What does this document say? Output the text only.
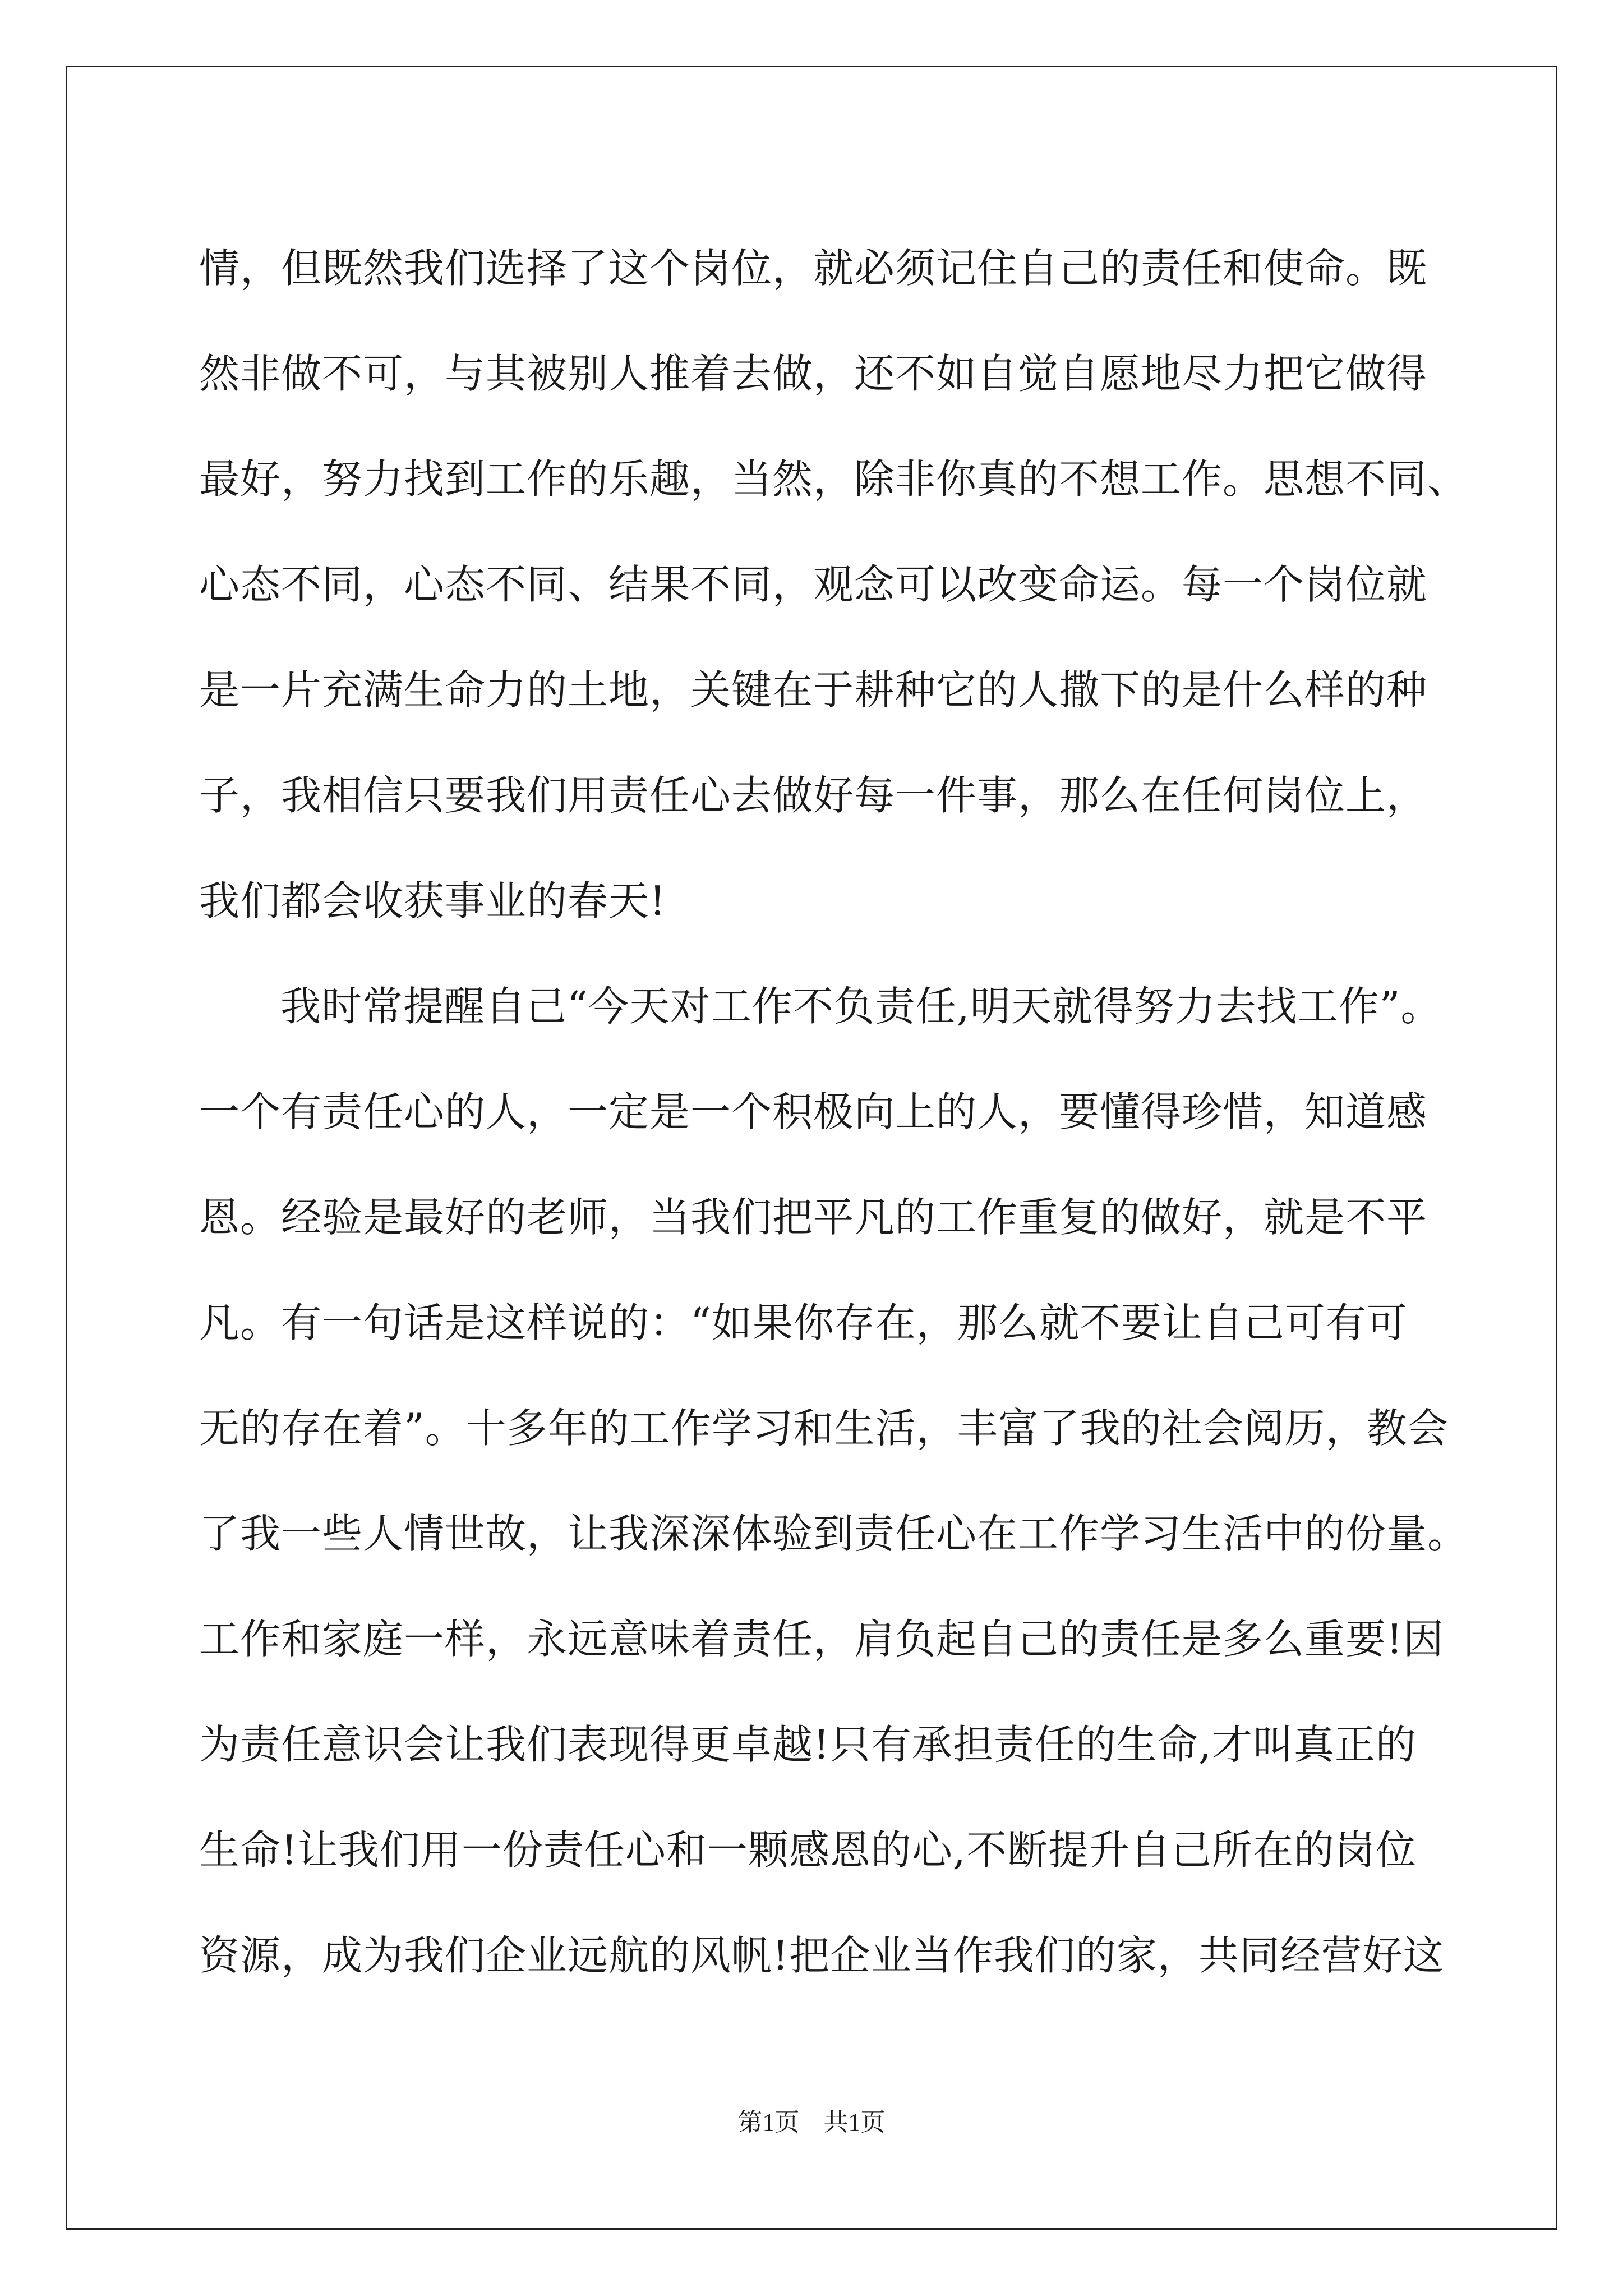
情，但既然我们选择了这个岗位，就必须记住自己的责任和使命。既
然非做不可，与其被别人推着去做，还不如自觉自愿地尽力把它做得
最好，努力找到工作的乐趣，当然，除非你真的不想工作。思想不同、
心态不同，心态不同、结果不同，观念可以改变命运。每一个岗位就
是一片充满生命力的土地，关键在于耕种它的人撒下的是什么样的种
子，我相信只要我们用责任心去做好每一件事，那么在任何岗位上，
我们都会收获事业的春天!
我时常提醒自己“今天对工作不负责任,明天就得努力去找工作”。
一个有责任心的人，一定是一个积极向上的人，要懂得珍惜，知道感
恩。经验是最好的老师，当我们把平凡的工作重复的做好，就是不平
凡。有一句话是这样说的：“如果你存在，那么就不要让自己可有可
无的存在着”。十多年的工作学习和生活，丰富了我的社会阅历，教会
了我一些人情世故，让我深深体验到责任心在工作学习生活中的份量。
工作和家庭一样，永远意味着责任，肩负起自己的责任是多么重要!因
为责任意识会让我们表现得更卓越!只有承担责任的生命,才叫真正的
生命!让我们用一份责任心和一颗感恩的心,不断提升自己所在的岗位
资源，成为我们企业远航的风帆!把企业当作我们的家，共同经营好这
第1页 共1页
